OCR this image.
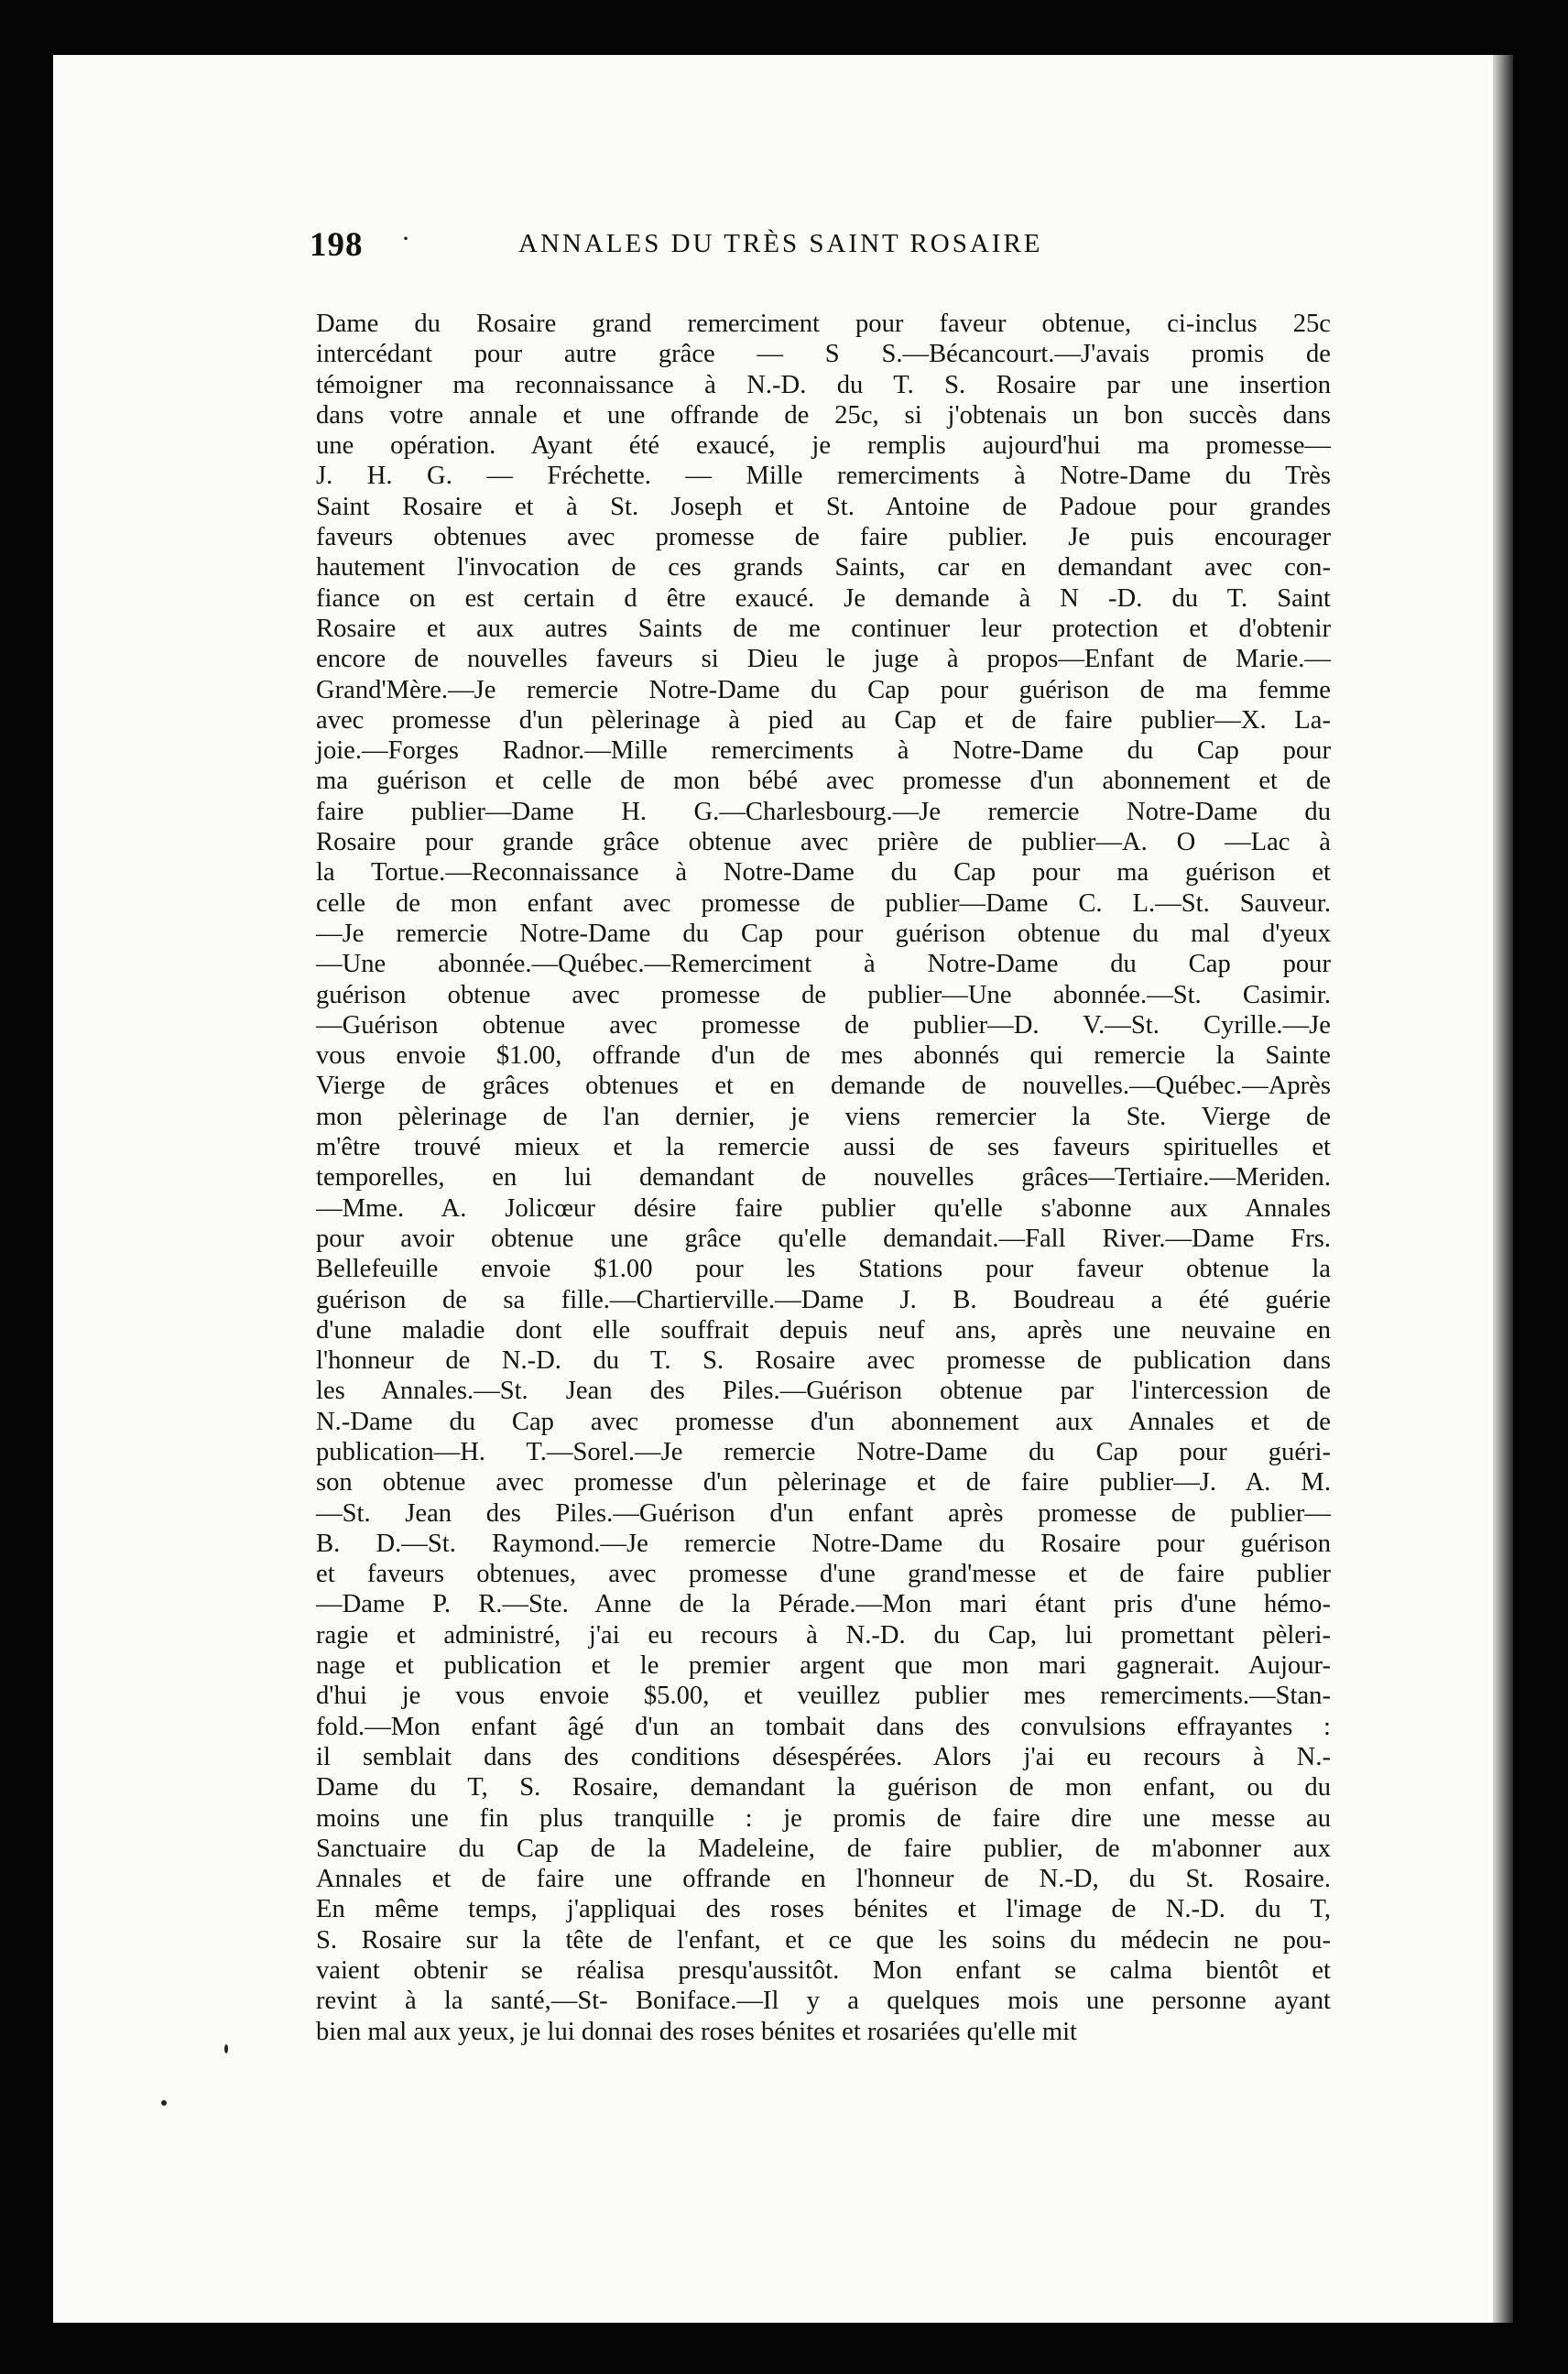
198 ·	ANNALES DU TRÈS SAINT ROSAIRE
Dame du Rosaire grand remerciment pour faveur obtenue, ci-inclus 25c
intercédant pour autre grâce — S S.—Bécancourt.—J'avais promis de
témoigner ma reconnaissance à N.-D. du T. S. Rosaire par une insertion
dans votre annale et une offrande de 25c, si j'obtenais un bon succès dans
une opération. Ayant été exaucé, je remplis aujourd'hui ma promesse—
J. H. G. — Fréchette. — Mille remerciments à Notre-Dame du Très
Saint Rosaire et à St. Joseph et St. Antoine de Padoue pour grandes
faveurs obtenues avec promesse de faire publier. Je puis encourager
hautement l'invocation de ces grands Saints, car en demandant avec con-
fiance on est certain d être exaucé. Je demande à N -D. du T. Saint
Rosaire et aux autres Saints de me continuer leur protection et d'obtenir
encore de nouvelles faveurs si Dieu le juge à propos—Enfant de Marie.—
Grand'Mère.—Je remercie Notre-Dame du Cap pour guérison de ma femme
avec promesse d'un pèlerinage à pied au Cap et de faire publier—X. La-
joie.—Forges Radnor.—Mille remerciments à Notre-Dame du Cap pour
ma guérison et celle de mon bébé avec promesse d'un abonnement et de
faire publier—Dame H. G.—Charlesbourg.—Je remercie Notre-Dame du
Rosaire pour grande grâce obtenue avec prière de publier—A. O —Lac à
la Tortue.—Reconnaissance à Notre-Dame du Cap pour ma guérison et
celle de mon enfant avec promesse de publier—Dame C. L.—St. Sauveur.
—Je remercie Notre-Dame du Cap pour guérison obtenue du mal d'yeux
—Une abonnée.—Québec.—Remerciment à Notre-Dame du Cap pour
guérison obtenue avec promesse de publier—Une abonnée.—St. Casimir.
—Guérison obtenue avec promesse de publier—D. V.—St. Cyrille.—Je
vous envoie $1.00, offrande d'un de mes abonnés qui remercie la Sainte
Vierge de grâces obtenues et en demande de nouvelles.—Québec.—Après
mon pèlerinage de l'an dernier, je viens remercier la Ste. Vierge de
m'être trouvé mieux et la remercie aussi de ses faveurs spirituelles et
temporelles, en lui demandant de nouvelles grâces—Tertiaire.—Meriden.
—Mme. A. Jolicœur désire faire publier qu'elle s'abonne aux Annales
pour avoir obtenue une grâce qu'elle demandait.—Fall River.—Dame Frs.
Bellefeuille envoie $1.00 pour les Stations pour faveur obtenue la
guérison de sa fille.—Chartierville.—Dame J. B. Boudreau a été guérie
d'une maladie dont elle souffrait depuis neuf ans, après une neuvaine en
l'honneur de N.-D. du T. S. Rosaire avec promesse de publication dans
les Annales.—St. Jean des Piles.—Guérison obtenue par l'intercession de
N.-Dame du Cap avec promesse d'un abonnement aux Annales et de
publication—H. T.—Sorel.—Je remercie Notre-Dame du Cap pour guéri-
son obtenue avec promesse d'un pèlerinage et de faire publier—J. A. M.
—St. Jean des Piles.—Guérison d'un enfant après promesse de publier—
B. D.—St. Raymond.—Je remercie Notre-Dame du Rosaire pour guérison
et faveurs obtenues, avec promesse d'une grand'messe et de faire publier
—Dame P. R.—Ste. Anne de la Pérade.—Mon mari étant pris d'une hémo-
ragie et administré, j'ai eu recours à N.-D. du Cap, lui promettant pèleri-
nage et publication et le premier argent que mon mari gagnerait. Aujour-
d'hui je vous envoie $5.00, et veuillez publier mes remerciments.—Stan-
fold.—Mon enfant âgé d'un an tombait dans des convulsions effrayantes :
il semblait dans des conditions désespérées. Alors j'ai eu recours à N.-
Dame du T, S. Rosaire, demandant la guérison de mon enfant, ou du
moins une fin plus tranquille : je promis de faire dire une messe au
Sanctuaire du Cap de la Madeleine, de faire publier, de m'abonner aux
Annales et de faire une offrande en l'honneur de N.-D, du St. Rosaire.
En même temps, j'appliquai des roses bénites et l'image de N.-D. du T,
S. Rosaire sur la tête de l'enfant, et ce que les soins du médecin ne pou-
vaient obtenir se réalisa presqu'aussitôt. Mon enfant se calma bientôt et
revint à la santé,—St- Boniface.—Il y a quelques mois une personne ayant
bien mal aux yeux, je lui donnai des roses bénites et rosariées qu'elle mit
